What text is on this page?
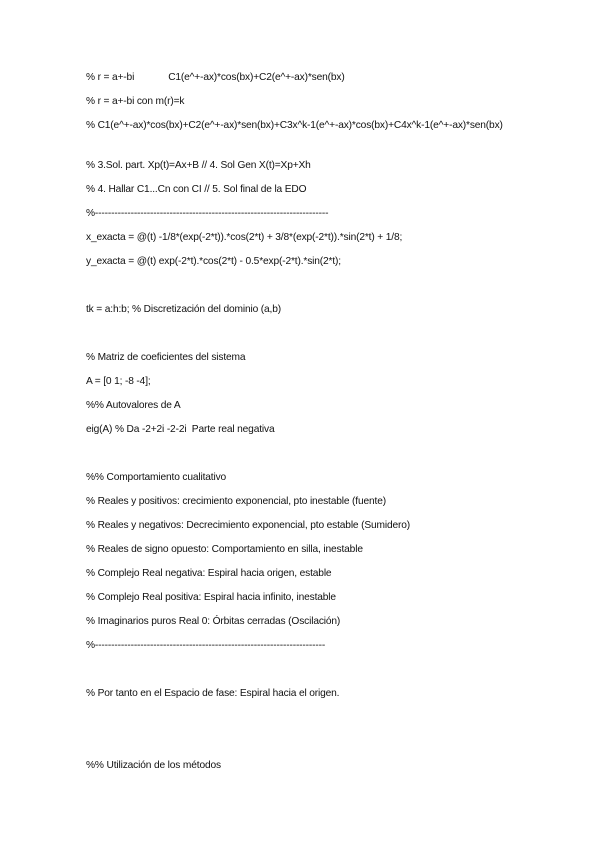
% r = a+-bi	C1(e^+-ax)*cos(bx)+C2(e^+-ax)*sen(bx)
% r = a+-bi con m(r)=k
% C1(e^+-ax)*cos(bx)+C2(e^+-ax)*sen(bx)+C3x^k-1(e^+-ax)*cos(bx)+C4x^k-1(e^+-ax)*sen(bx)
% 3.Sol. part. Xp(t)=Ax+B // 4. Sol Gen X(t)=Xp+Xh
% 4. Hallar C1...Cn con CI // 5. Sol final de la EDO
%------------------------------------------------------------------------
x_exacta = @(t) -1/8*(exp(-2*t)).*cos(2*t) + 3/8*(exp(-2*t)).*sin(2*t) + 1/8;
y_exacta = @(t) exp(-2*t).*cos(2*t) - 0.5*exp(-2*t).*sin(2*t);
tk = a:h:b; % Discretización del dominio (a,b)
% Matriz de coeficientes del sistema
A = [0 1; -8 -4];
%% Autovalores de A
eig(A) % Da -2+2i -2-2i  Parte real negativa
%% Comportamiento cualitativo
% Reales y positivos: crecimiento exponencial, pto inestable (fuente)
% Reales y negativos: Decrecimiento exponencial, pto estable (Sumidero)
% Reales de signo opuesto: Comportamiento en silla, inestable
% Complejo Real negativa: Espiral hacia origen, estable
% Complejo Real positiva: Espiral hacia infinito, inestable
% Imaginarios puros Real 0: Órbitas cerradas (Oscilación)
%-----------------------------------------------------------------------
% Por tanto en el Espacio de fase: Espiral hacia el origen.
%% Utilización de los métodos
